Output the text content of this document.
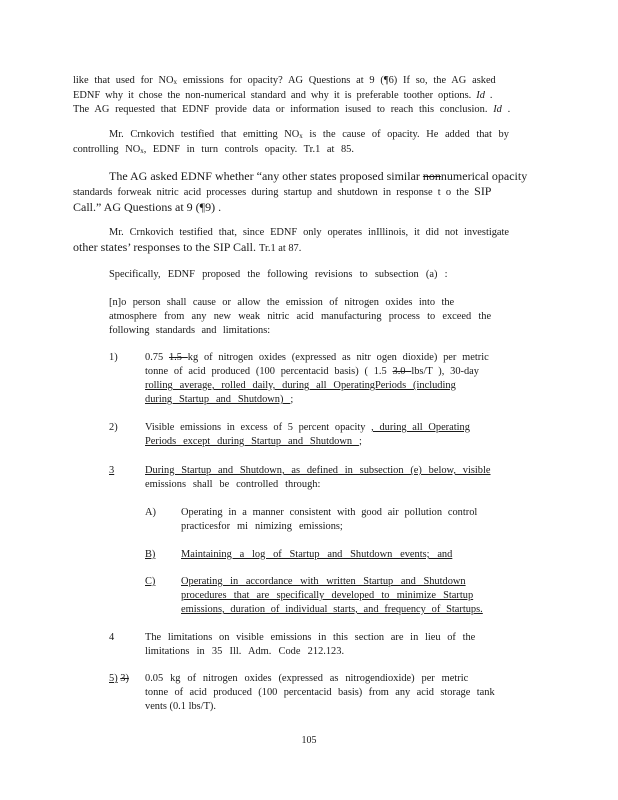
like that used for NOx emissions for opacity? AG Questions at 9 (¶6) If so, the AG asked
EDNF why it chose the non-numerical standard and why it is preferable toother options. Id .
The AG requested that EDNF provide data or information isused to reach this conclusion. Id .
Mr. Crnkovich testified that emitting NOx is the cause of opacity. He added that by
controlling NOx, EDNF in turn controls opacity. Tr.1 at 85.
The AG asked EDNF whether “any other states proposed similar nonnumerical opacity
standards forweak nitric acid processes during startup and shutdown in response t o the SIP
Call.” AG Questions at 9 (¶9) .
Mr. Crnkovich testified that, since EDNF only operates inIllinois, it did not investigate
other states’ responses to the SIP Call. Tr.1 at 87.
Specifically, EDNF proposed the following revisions to subsection (a) :
[n]o person shall cause or allow the emission of nitrogen oxides into the
atmosphere from any new weak nitric acid manufacturing process to exceed the
following standards and limitations:
1)	0.75 1.5 kg of nitrogen oxides (expressed as nitr ogen dioxide) per metric
tonne of acid produced (100 percentacid basis) ( 1.5 3.0 lbs/T ), 30-day
rolling average, rolled daily, during all OperatingPeriods (including
during Startup and Shutdown) ;
2)	Visible emissions in excess of 5 percent opacity , during all Operating
Periods except during Startup and Shutdown ;
3	During Startup and Shutdown, as defined in subsection (e) below, visible
emissions shall be controlled through:
A) Operating in a manner consistent with good air pollution control
practicesfor mi nimizing emissions;
B) Maintaining a log of Startup and Shutdown events; and
C) Operating in accordance with written Startup and Shutdown
procedures that are specifically developed to minimize Startup
emissions, duration of individual starts, and frequency of Startups.
4	The limitations on visible emissions in this section are in lieu of the
limitations in 35 Ill. Adm. Code 212.123.
5) 3) 0.05 kg of nitrogen oxides (expressed as nitrogendioxide) per metric
tonne of acid produced (100 percentacid basis) from any acid storage tank
vents (0.1 lbs/T).
105
